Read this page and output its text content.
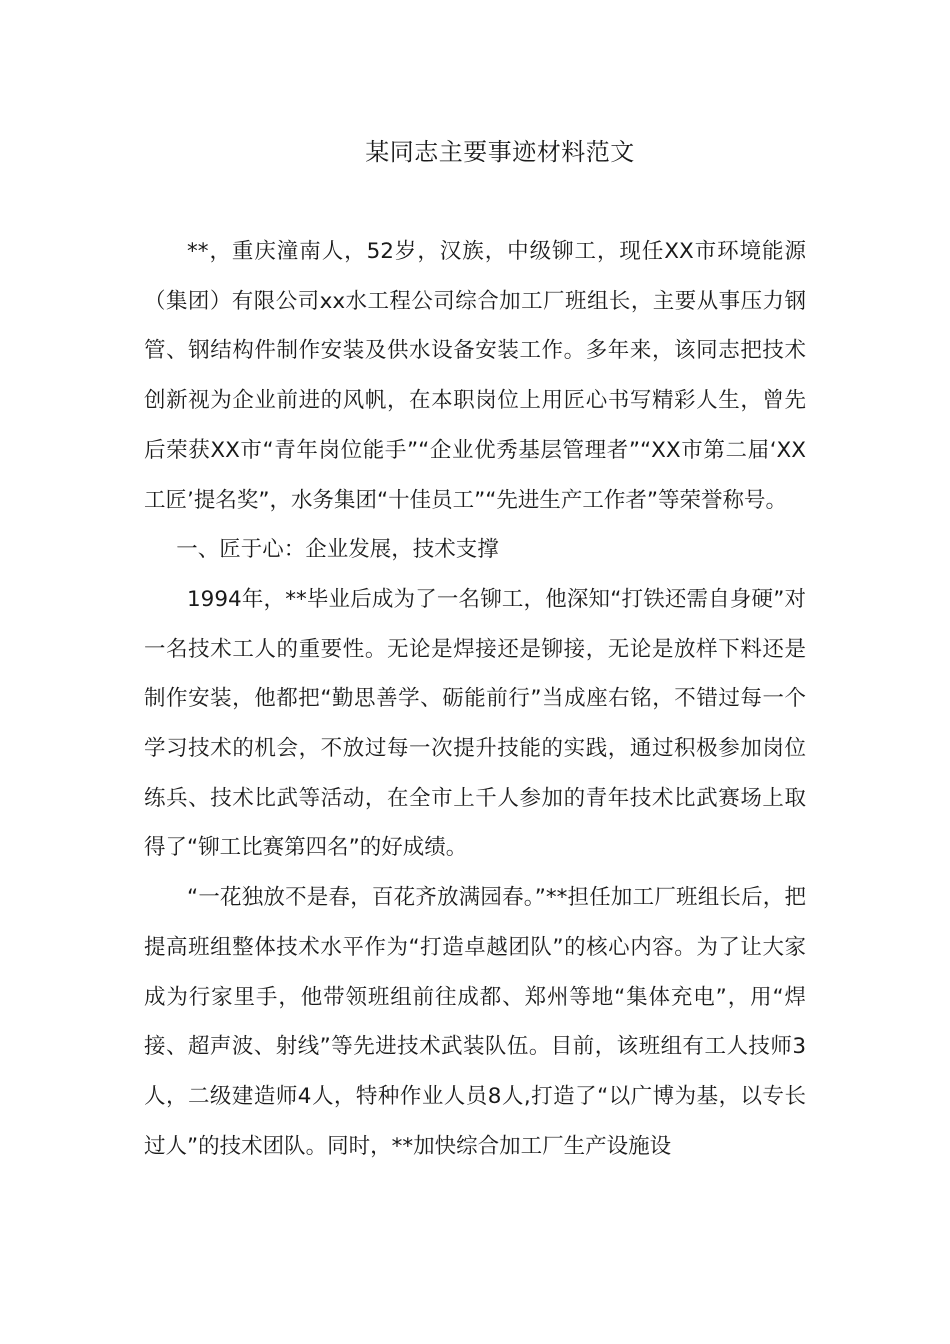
某同志主要事迹材料范文

**，重庆潼南人，52岁，汉族，中级铆工，现任XX市环境能源（集团）有限公司xx水工程公司综合加工厂班组长，主要从事压力钢管、钢结构件制作安装及供水设备安装工作。多年来，该同志把技术创新视为企业前进的风帆，在本职岗位上用匠心书写精彩人生，曾先后荣获XX市“青年岗位能手”“企业优秀基层管理者”“XX市第二届‘XX工匠’提名奖”，水务集团“十佳员工”“先进生产工作者”等荣誉称号。

一、匠于心：企业发展，技术支撑

1994年，**毕业后成为了一名铆工，他深知“打铁还需自身硬”对一名技术工人的重要性。无论是焊接还是铆接，无论是放样下料还是制作安装，他都把“勤思善学、砺能前行”当成座右铭，不错过每一个学习技术的机会，不放过每一次提升技能的实践，通过积极参加岗位练兵、技术比武等活动，在全市上千人参加的青年技术比武赛场上取得了“铆工比赛第四名”的好成绩。

“一花独放不是春，百花齐放满园春。”**担任加工厂班组长后，把提高班组整体技术水平作为“打造卓越团队”的核心内容。为了让大家成为行家里手，他带领班组前往成都、郑州等地“集体充电”，用“焊接、超声波、射线”等先进技术武装队伍。目前，该班组有工人技师3人，二级建造师4人，特种作业人员8人,打造了“以广博为基，以专长过人”的技术团队。同时，**加快综合加工厂生产设施设
